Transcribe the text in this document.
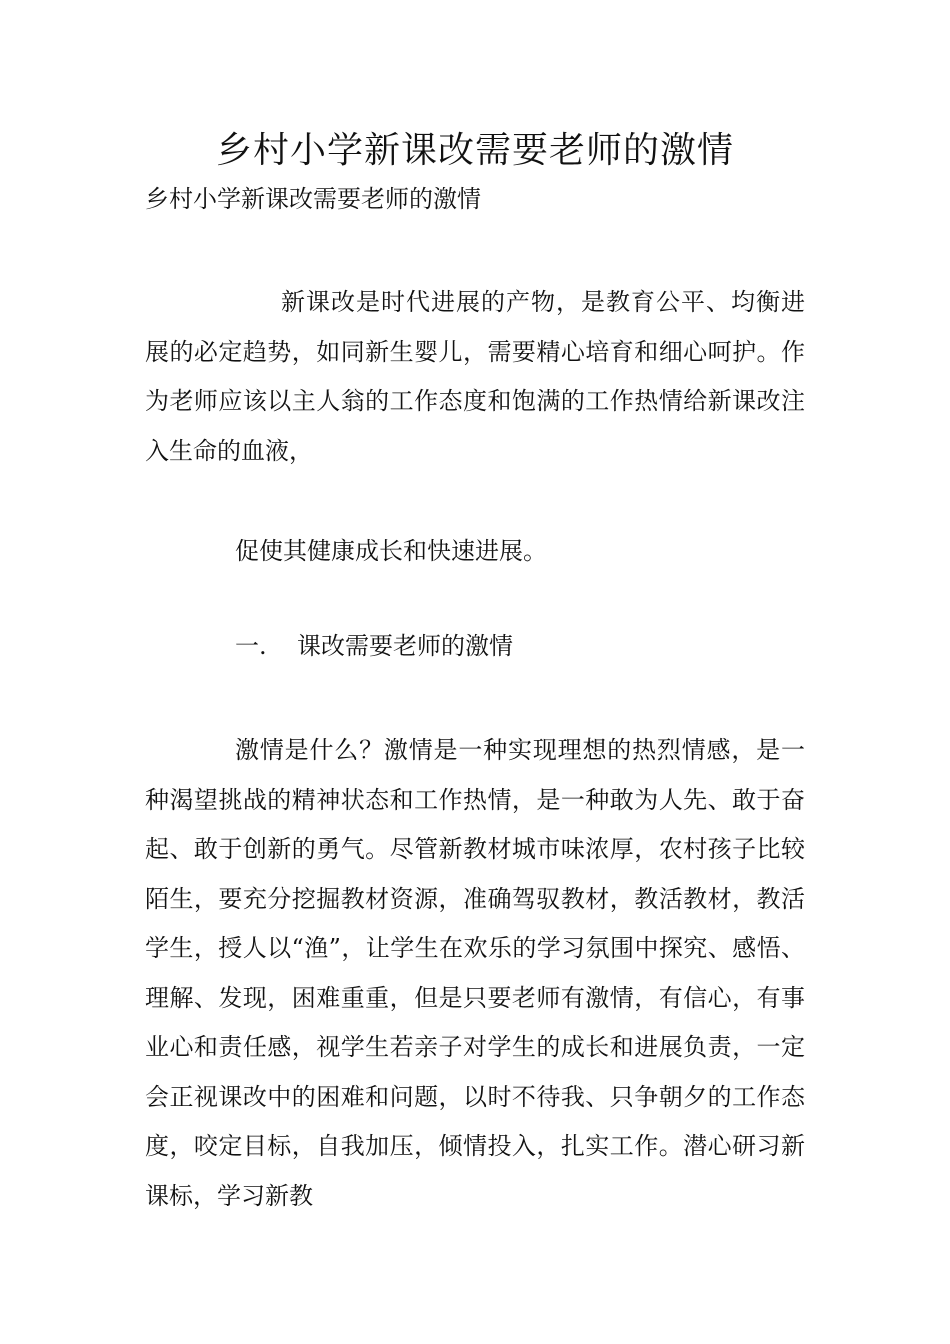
乡村小学新课改需要老师的激情
乡村小学新课改需要老师的激情

新课改是时代进展的产物，是教育公平、均衡进展的必定趋势，如同新生婴儿，需要精心培育和细心呵护。作为老师应该以主人翁的工作态度和饱满的工作热情给新课改注入生命的血液，

促使其健康成长和快速进展。

一. 课改需要老师的激情

激情是什么？激情是一种实现理想的热烈情感，是一种渴望挑战的精神状态和工作热情，是一种敢为人先、敢于奋起、敢于创新的勇气。尽管新教材城市味浓厚，农村孩子比较陌生，要充分挖掘教材资源，准确驾驭教材，教活教材，教活学生，授人以“渔”，让学生在欢乐的学习氛围中探究、感悟、理解、发现，困难重重，但是只要老师有激情，有信心，有事业心和责任感，视学生若亲子对学生的成长和进展负责，一定会正视课改中的困难和问题，以时不待我、只争朝夕的工作态度，咬定目标，自我加压，倾情投入，扎实工作。潜心研习新课标，学习新教
